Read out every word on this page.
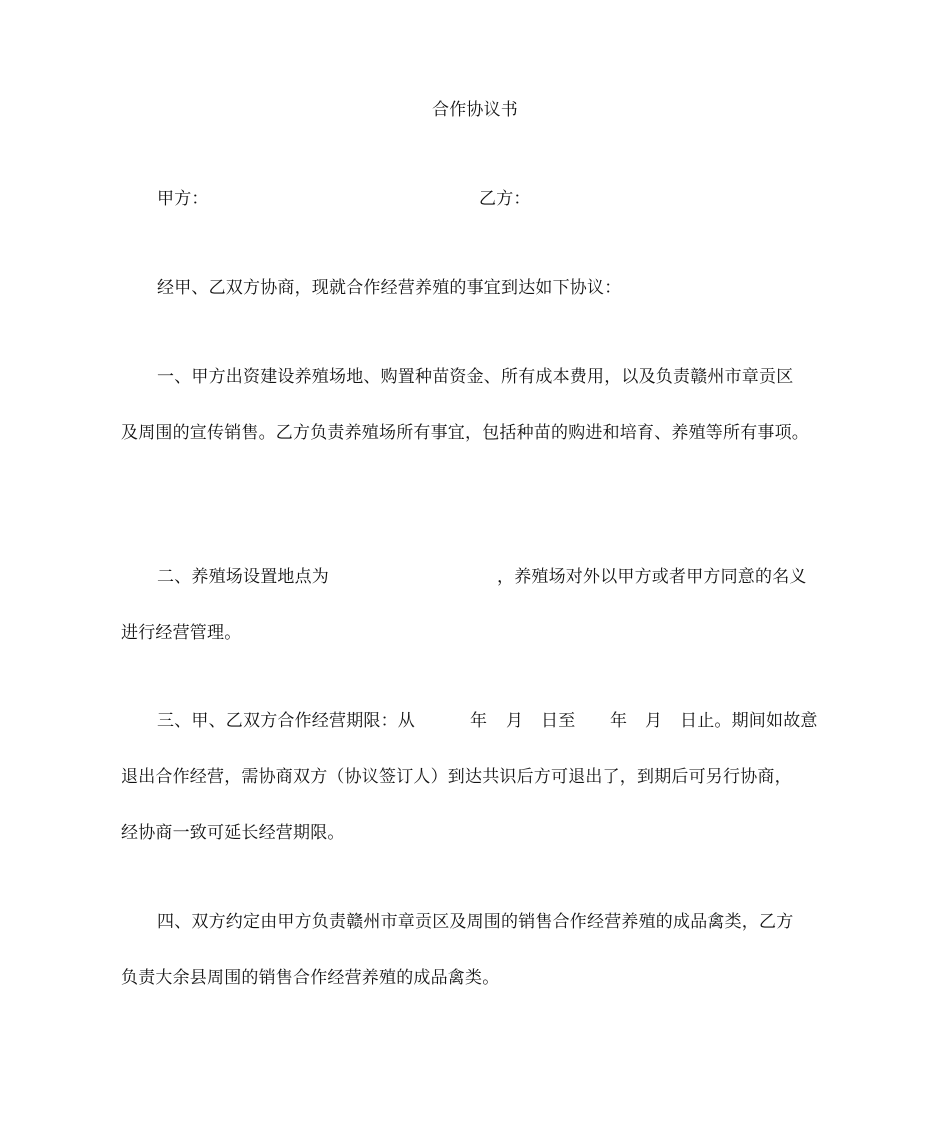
合作协议书
甲方：	乙方：
经甲、乙双方协商，现就合作经营养殖的事宜到达如下协议：
一、甲方出资建设养殖场地、购置种苗资金、所有成本费用，以及负责赣州市章贡区
及周围的宣传销售。乙方负责养殖场所有事宜，包括种苗的购进和培育、养殖等所有事项。
二、养殖场设置地点为	，养殖场对外以甲方或者甲方同意的名义
进行经营管理。
三、甲、乙双方合作经营期限：从	年 月 日至 年 月 日止。期间如故意
退出合作经营，需协商双方（协议签订人）到达共识后方可退出了，到期后可另行协商，
经协商一致可延长经营期限。
四、双方约定由甲方负责赣州市章贡区及周围的销售合作经营养殖的成品禽类，乙方
负责大余县周围的销售合作经营养殖的成品禽类。
